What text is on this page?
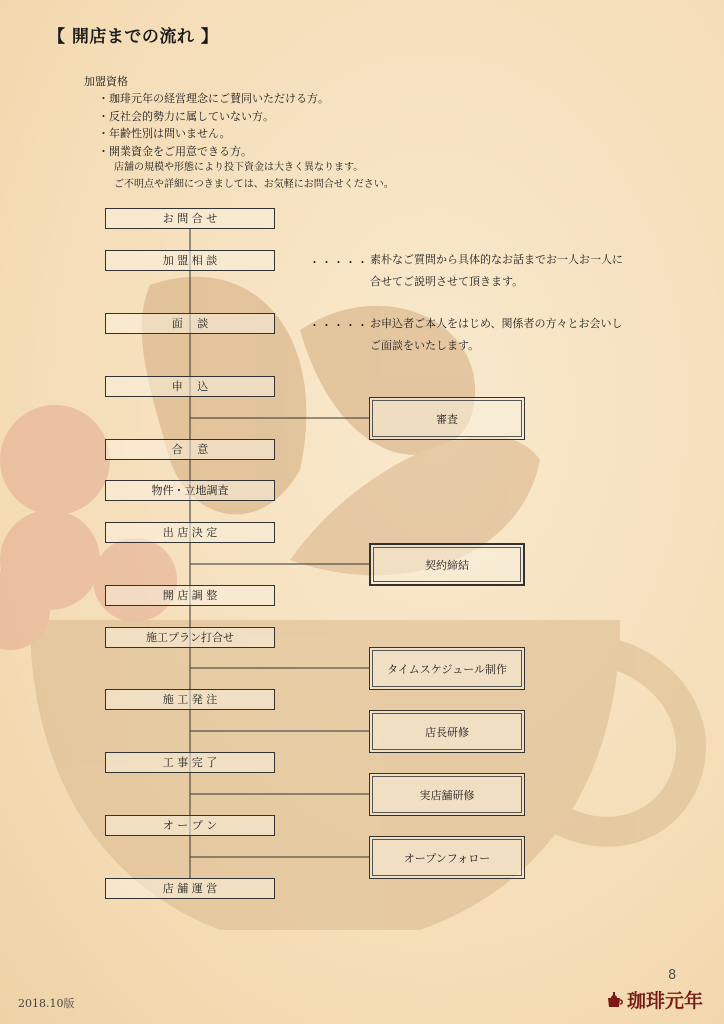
【 開店までの流れ 】
加盟資格
・珈琲元年の経営理念にご賛同いただける方。
・反社会的勢力に属していない方。
・年齢性別は問いません。
・開業資金をご用意できる方。
店舗の規模や形態により投下資金は大きく異なります。
ご不明点や詳細につきましては、お気軽にお問合せください。
お 問 合 せ
加 盟 相 談
面　 談
申　 込
合　 意
物件・立地調査
出 店 決 定
開 店 調 整
施工プラン打合せ
施 工 発 注
工 事 完 了
オ ー プ ン
店 舗 運 営
審査
契約締結
タイムスケジュール制作
店長研修
実店舗研修
オープンフォロー
・・・・・ 素朴なご質問から具体的なお話までお一人お一人に
合せてご説明させて頂きます。
・・・・・ お申込者ご本人をはじめ、関係者の方々とお会いし
ご面談をいたします。
8
2018.10版	珈琲元年
